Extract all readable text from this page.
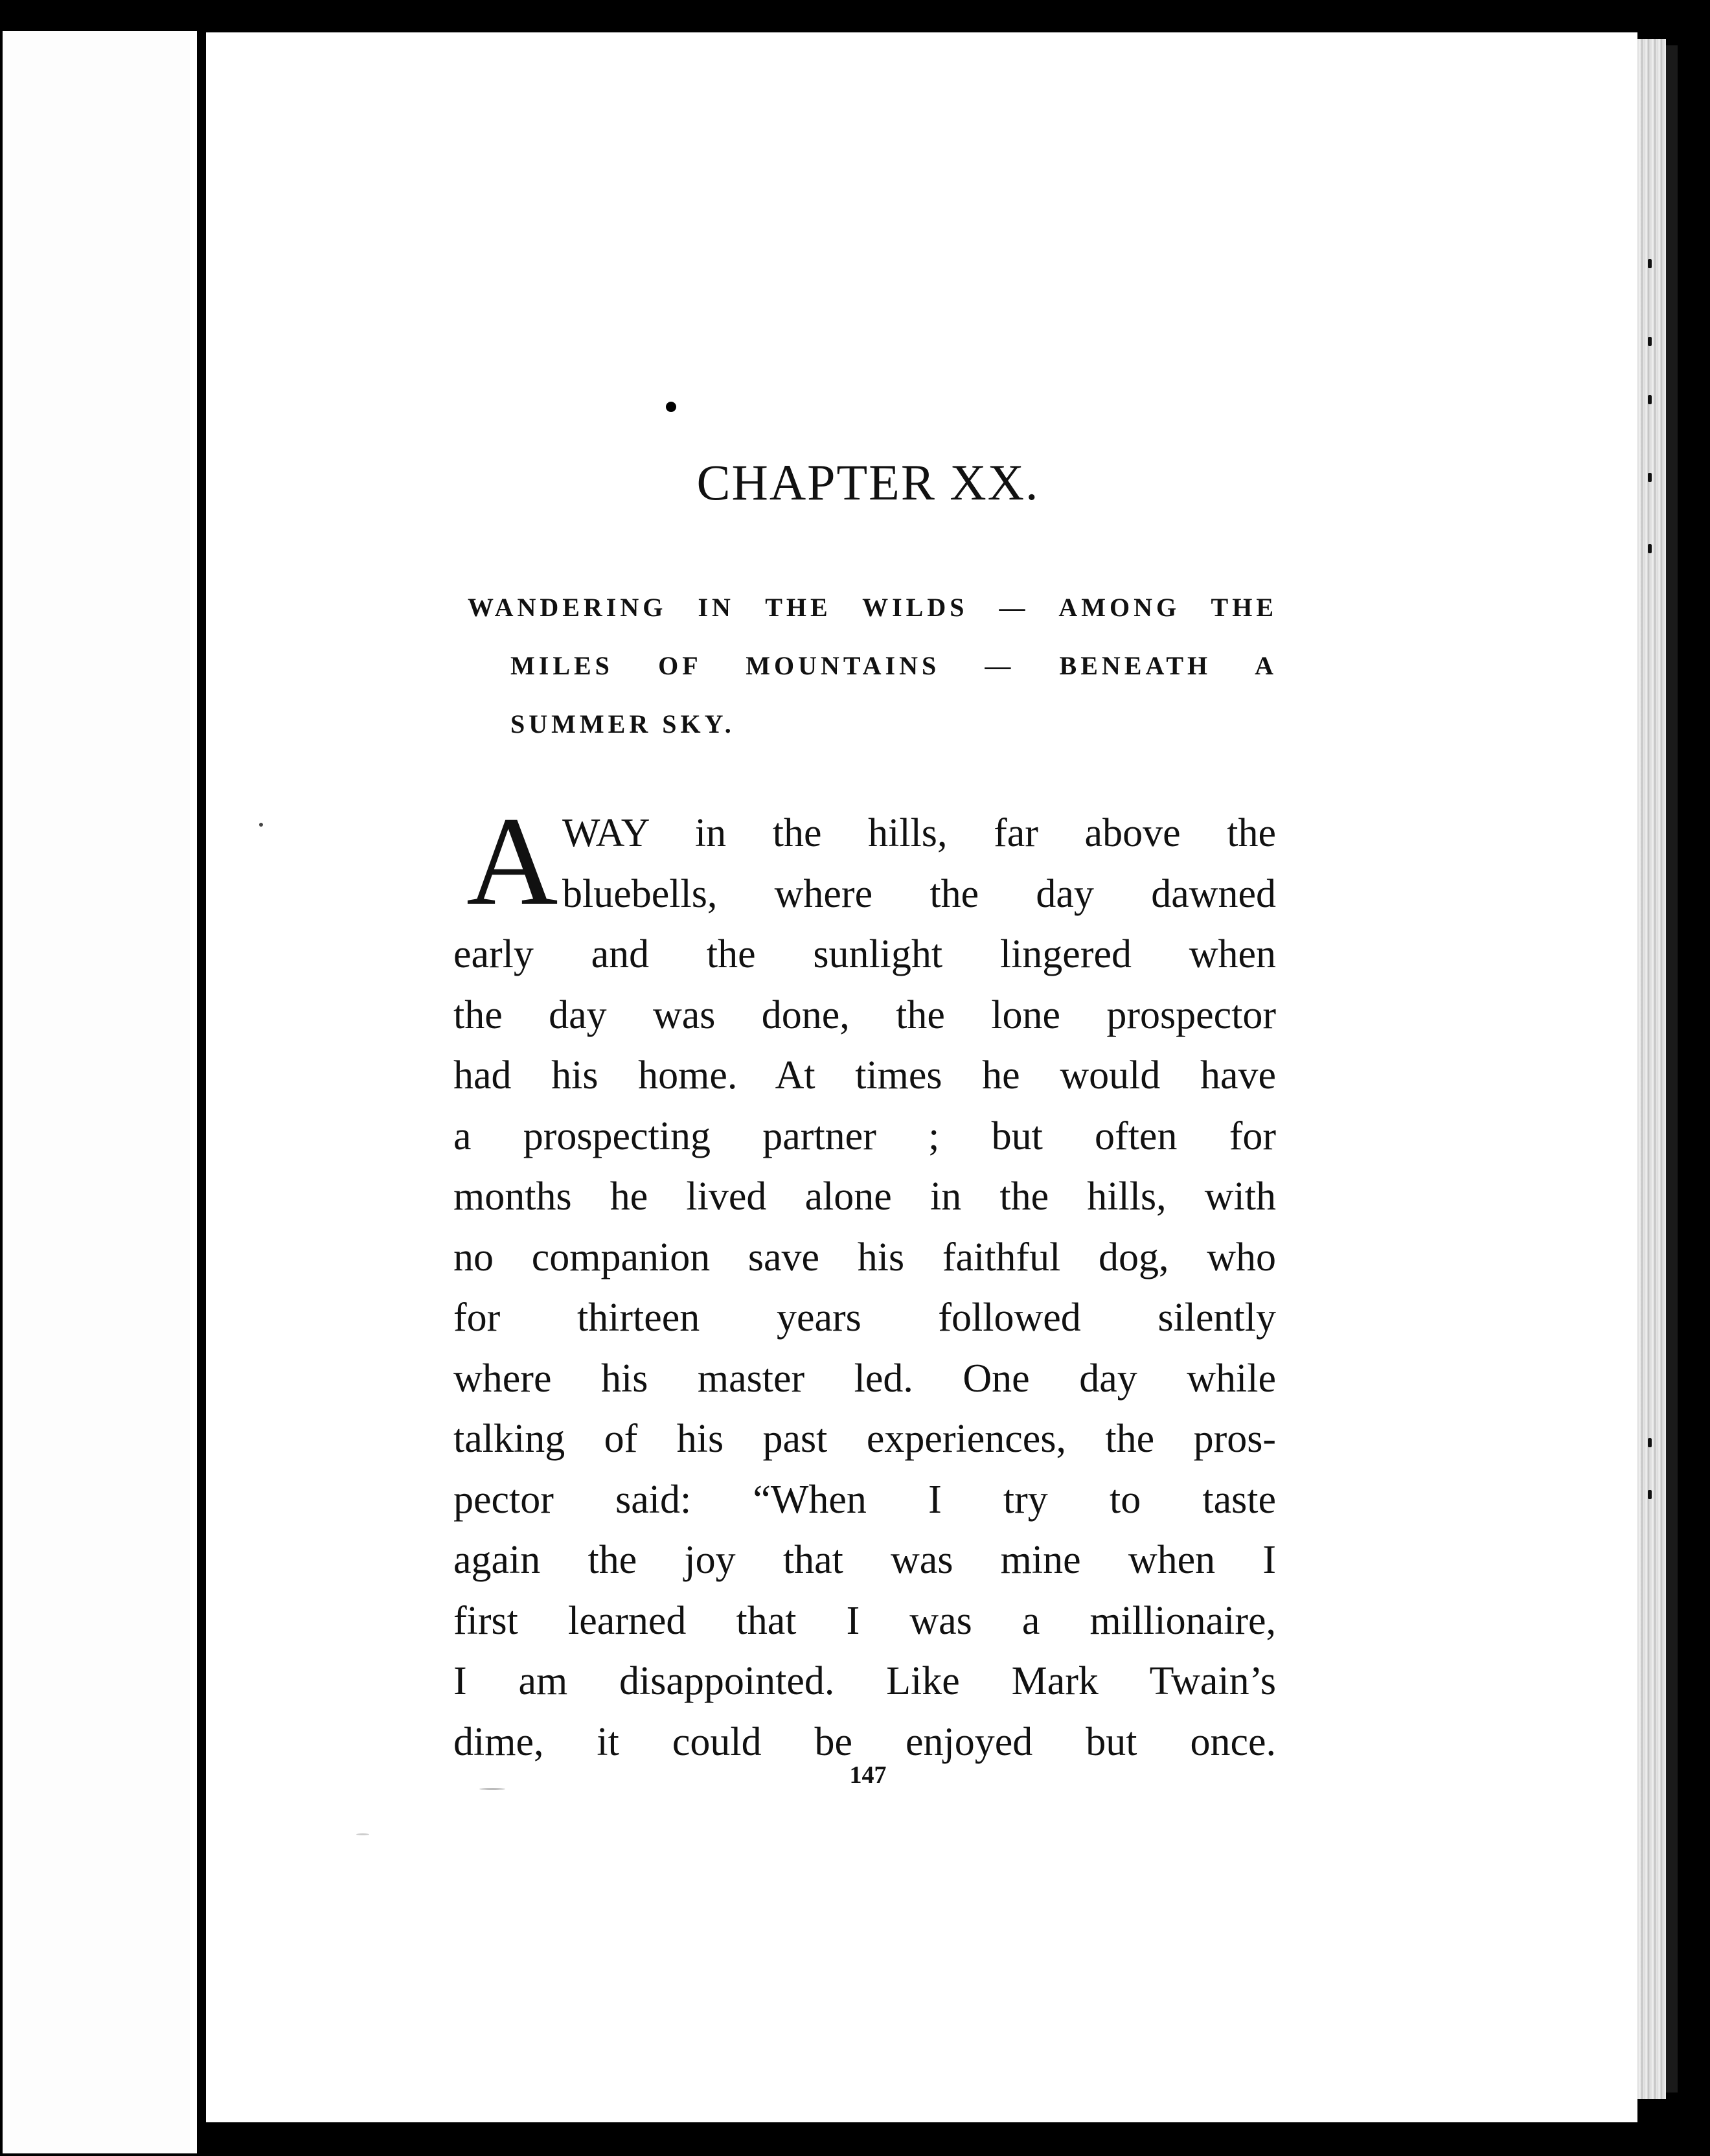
CHAPTER XX.
WANDERING IN THE WILDS — AMONG THE
MILES OF MOUNTAINS — BENEATH A
SUMMER SKY.
A WAY in the hills, far above the
bluebells, where the day dawned
early and the sunlight lingered when
the day was done, the lone prospector
had his home. At times he would have
a prospecting partner ; but often for
months he lived alone in the hills, with
no companion save his faithful dog, who
for thirteen years followed silently
where his master led. One day while
talking of his past experiences, the pros-
pector said: “When I try to taste
again the joy that was mine when I
first learned that I was a millionaire,
I am disappointed. Like Mark Twain’s
dime, it could be enjoyed but once.

147
